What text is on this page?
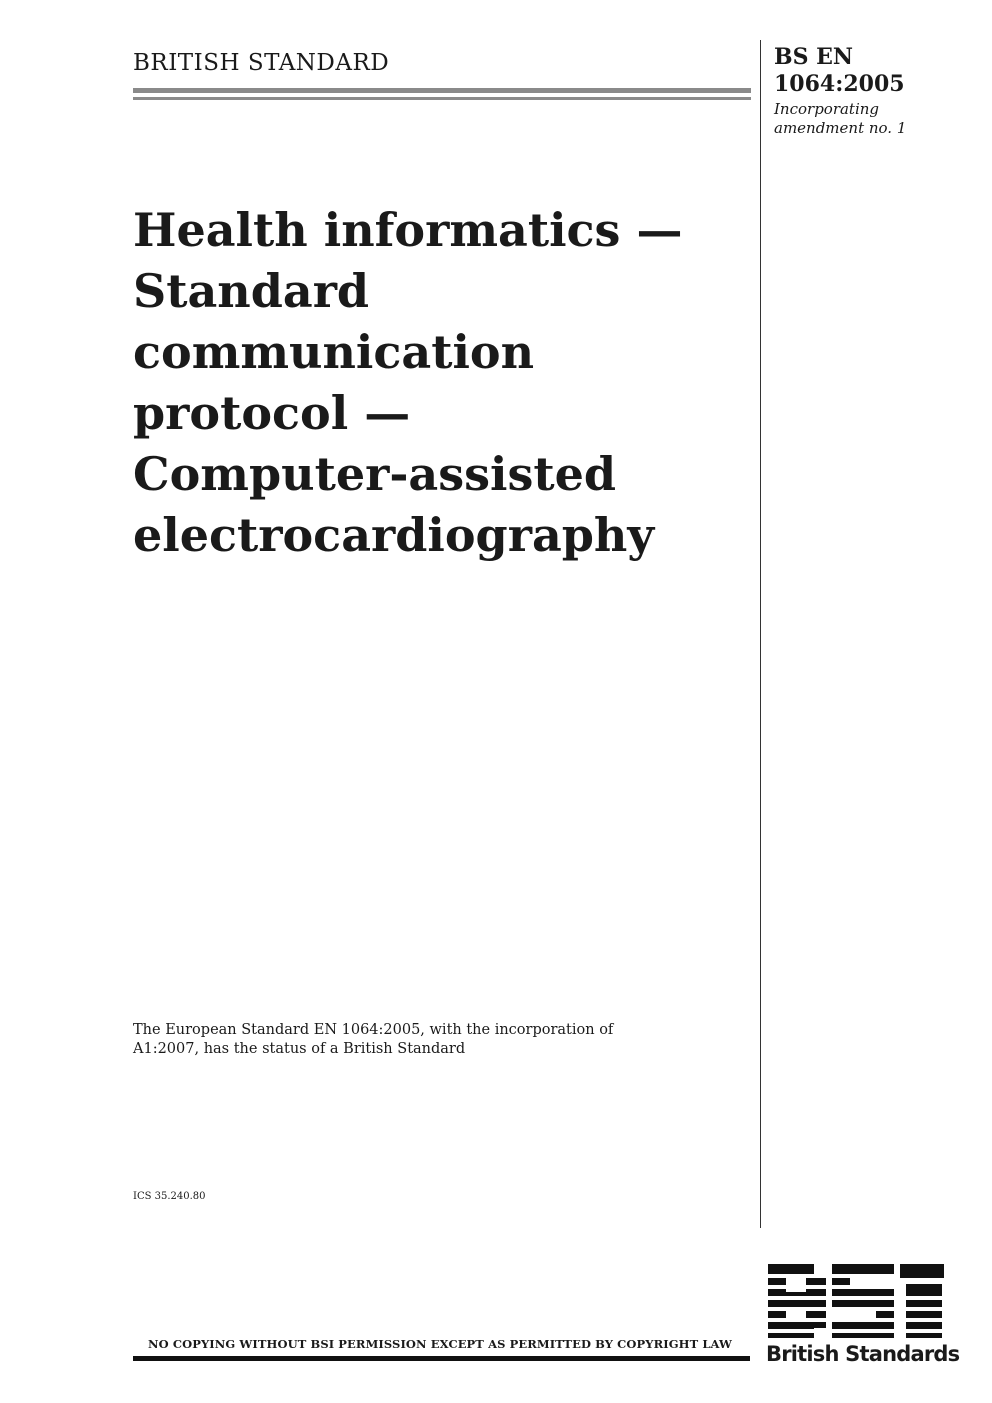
BRITISH STANDARD	BS EN
1064:2005
Incorporating
amendment no. 1
Health informatics —
Standard
communication
protocol —
Computer-assisted
electrocardiography
The European Standard EN 1064:2005, with the incorporation of
A1:2007, has the status of a British Standard
ICS 35.240.80
NO COPYING WITHOUT BSI PERMISSION EXCEPT AS PERMITTED BY COPYRIGHT LAW British Standards
